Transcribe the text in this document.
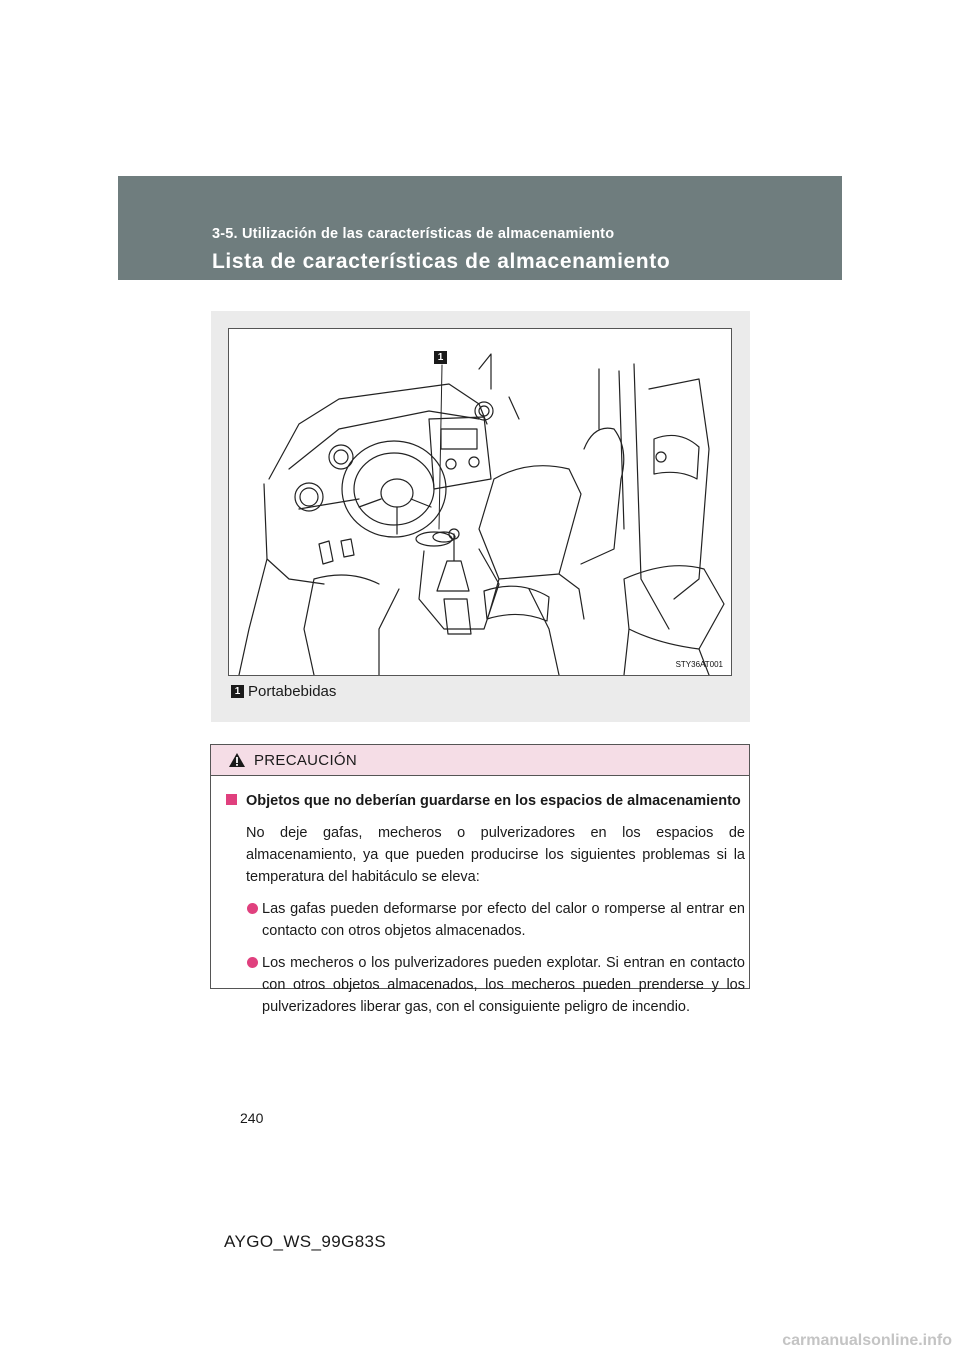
3-5. Utilización de las características de almacenamiento
Lista de características de almacenamiento
1
STY36AT001
1 Portabebidas
PRECAUCIÓN
Objetos que no deberían guardarse en los espacios de almacenamiento
No deje gafas, mecheros o pulverizadores en los espacios de almacenamiento, ya que pueden producirse los siguientes problemas si la temperatura del habitáculo se eleva:
Las gafas pueden deformarse por efecto del calor o romperse al entrar en contacto con otros objetos almacenados.
Los mecheros o los pulverizadores pueden explotar. Si entran en contacto con otros objetos almacenados, los mecheros pueden prenderse y los pulverizadores liberar gas, con el consiguiente peligro de incendio.
240
AYGO_WS_99G83S
carmanualsonline.info
